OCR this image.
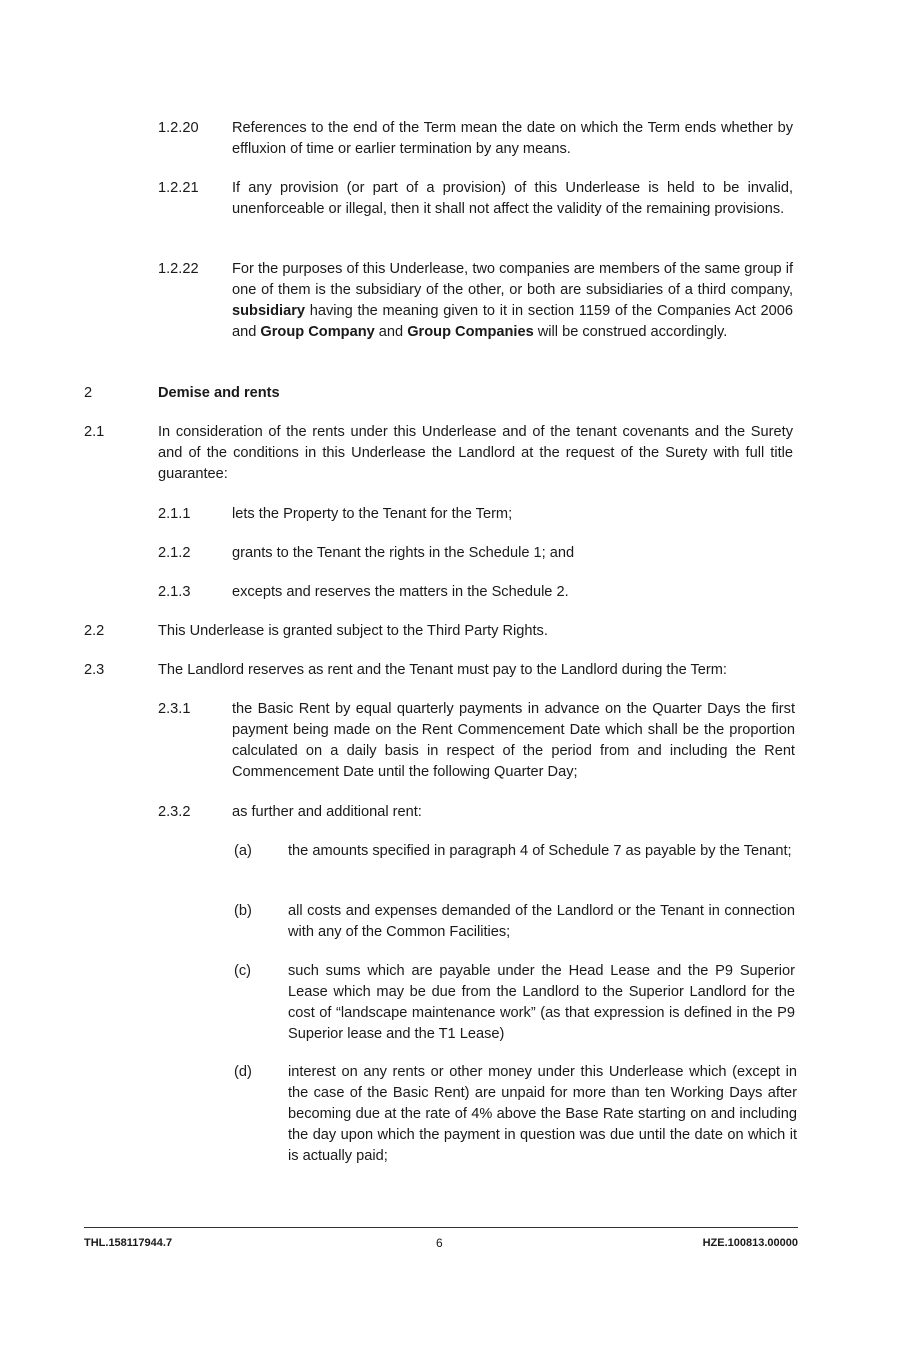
1.2.20 References to the end of the Term mean the date on which the Term ends whether by effluxion of time or earlier termination by any means.
1.2.21 If any provision (or part of a provision) of this Underlease is held to be invalid, unenforceable or illegal, then it shall not affect the validity of the remaining provisions.
1.2.22 For the purposes of this Underlease, two companies are members of the same group if one of them is the subsidiary of the other, or both are subsidiaries of a third company, subsidiary having the meaning given to it in section 1159 of the Companies Act 2006 and Group Company and Group Companies will be construed accordingly.
2	Demise and rents
2.1	In consideration of the rents under this Underlease and of the tenant covenants and the Surety and of the conditions in this Underlease the Landlord at the request of the Surety with full title guarantee:
2.1.1	lets the Property to the Tenant for the Term;
2.1.2	grants to the Tenant the rights in the Schedule 1; and
2.1.3	excepts and reserves the matters in the Schedule 2.
2.2	This Underlease is granted subject to the Third Party Rights.
2.3	The Landlord reserves as rent and the Tenant must pay to the Landlord during the Term:
2.3.1	the Basic Rent by equal quarterly payments in advance on the Quarter Days the first payment being made on the Rent Commencement Date which shall be the proportion calculated on a daily basis in respect of the period from and including the Rent Commencement Date until the following Quarter Day;
2.3.2	as further and additional rent:
(a) the amounts specified in paragraph 4 of Schedule 7 as payable by the Tenant;
(b) all costs and expenses demanded of the Landlord or the Tenant in connection with any of the Common Facilities;
(c)	such sums which are payable under the Head Lease and the P9 Superior Lease which may be due from the Landlord to the Superior Landlord for the cost of “landscape maintenance work” (as that expression is defined in the P9 Superior lease and the T1 Lease)
(d) interest on any rents or other money under this Underlease which (except in the case of the Basic Rent) are unpaid for more than ten Working Days after becoming due at the rate of 4% above the Base Rate starting on and including the day upon which the payment in question was due until the date on which it is actually paid;
THL.158117944.7	6	HZE.100813.00000
